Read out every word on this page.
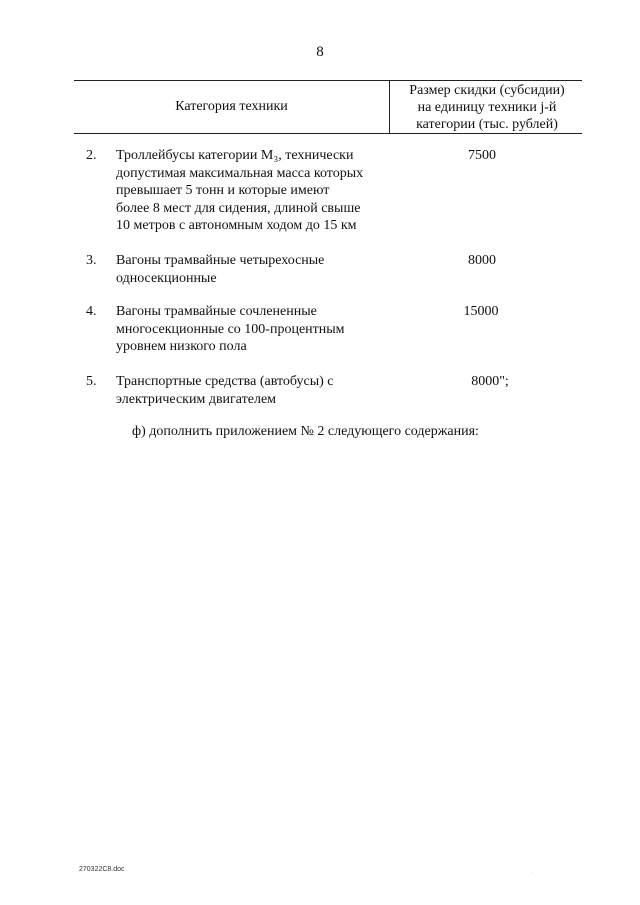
8
Категория техники
Размер скидки (субсидии)
на единицу техники j-й
категории (тыс. рублей)
2. Троллейбусы категории M₃, технически
допустимая максимальная масса которых
превышает 5 тонн и которые имеют
более 8 мест для сидения, длиной свыше
10 метров с автономным ходом до 15 км
7500
3. Вагоны трамвайные четырехосные
односекционные
8000
4. Вагоны трамвайные сочлененные
многосекционные со 100-процентным
уровнем низкого пола
15000
5. Транспортные средства (автобусы) с
электрическим двигателем
8000";
ф) дополнить приложением № 2 следующего содержания:
270322C8.doc	·
